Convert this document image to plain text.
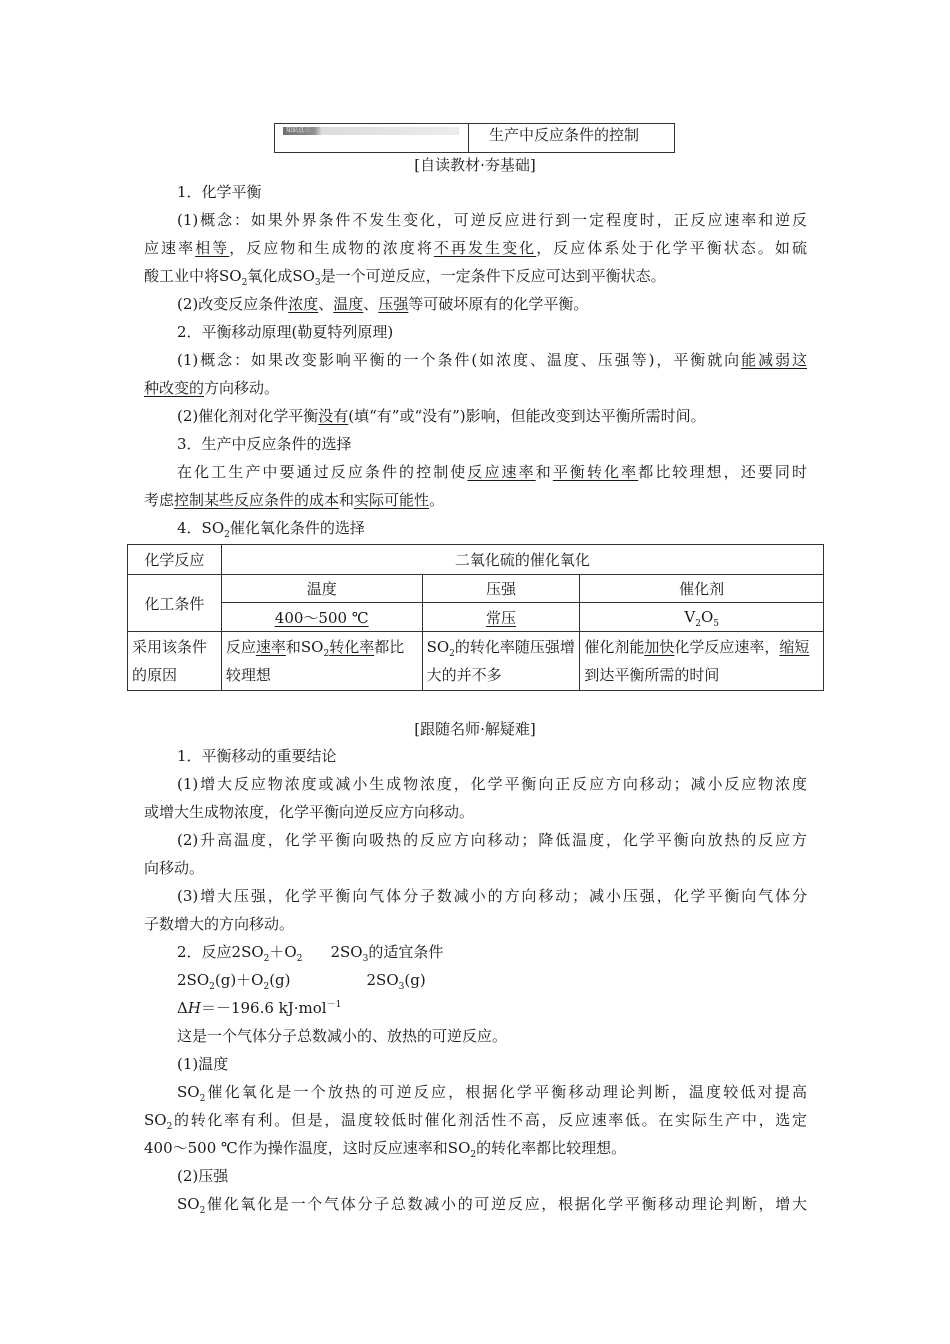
知识点三	生产中反应条件的控制
[自读教材·夯基础]
1．化学平衡
(1)概念：如果外界条件不发生变化，可逆反应进行到一定程度时，正反应速率和逆反
应速率相等，反应物和生成物的浓度将不再发生变化，反应体系处于化学平衡状态。如硫
酸工业中将$SO_2$氧化成$SO_3$是一个可逆反应，一定条件下反应可达到平衡状态。
(2)改变反应条件浓度、温度、压强等可破坏原有的化学平衡。
2．平衡移动原理(勒夏特列原理)
(1)概念：如果改变影响平衡的一个条件(如浓度、温度、压强等)，平衡就向能减弱这
种改变的方向移动。
(2)催化剂对化学平衡没有(填“有”或“没有”)影响，但能改变到达平衡所需时间。
3．生产中反应条件的选择
在化工生产中要通过反应条件的控制使反应速率和平衡转化率都比较理想，还要同时
考虑控制某些反应条件的成本和实际可能性。
4．$SO_2$催化氧化条件的选择
化学反应	二氧化硫的催化氧化		
化工条件	温度	压强	催化剂
	400～500 ℃	常压	$V_2O_5$
采用该条件的原因	反应速率和$SO_2$转化率都比较理想	$SO_2$的转化率随压强增大的并不多	催化剂能加快化学反应速率，缩短到达平衡所需的时间
[跟随名师·解疑难]
1．平衡移动的重要结论
(1)增大反应物浓度或减小生成物浓度，化学平衡向正反应方向移动；减小反应物浓度
或增大生成物浓度，化学平衡向逆反应方向移动。
(2)升高温度，化学平衡向吸热的反应方向移动；降低温度，化学平衡向放热的反应方
向移动。
(3)增大压强，化学平衡向气体分子数减小的方向移动；减小压强，化学平衡向气体分
子数增大的方向移动。
2．反应$2SO_2+O_2$ $2SO_3$的适宜条件
$2SO_2(g)+O_2(g)$	$2SO_3(g)$
ΔH＝－196.6 kJ·mol$^{-1}$
这是一个气体分子总数减小的、放热的可逆反应。
(1)温度
$SO_2$催化氧化是一个放热的可逆反应，根据化学平衡移动理论判断，温度较低对提高
$SO_2$的转化率有利。但是，温度较低时催化剂活性不高，反应速率低。在实际生产中，选定
400～500 ℃作为操作温度，这时反应速率和$SO_2$的转化率都比较理想。
(2)压强
$SO_2$催化氧化是一个气体分子总数减小的可逆反应，根据化学平衡移动理论判断，增大
